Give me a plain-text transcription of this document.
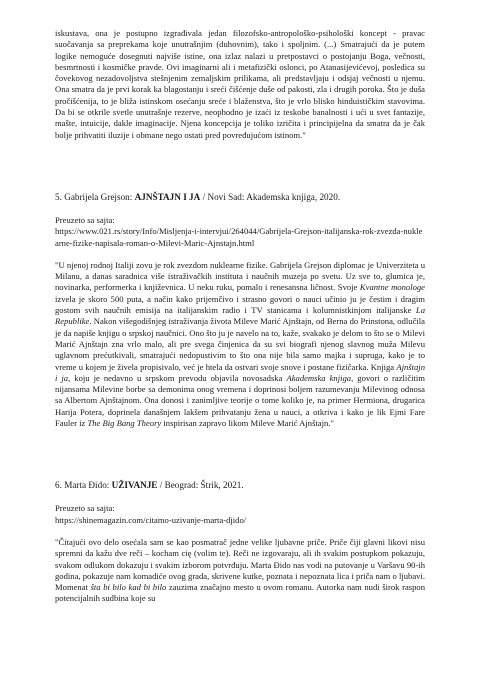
iskustava, ona je postupno izgrađivala jedan filozofsko-antropološko-psihološki koncept - pravac suočavanja sa preprekama koje unutrašnjim (duhovnim), tako i spoljnim. (...) Smatrajući da je putem logike nemoguće dosegnuti najviše istine, ona izlaz nalazi u pretpostavci o postojanju Boga, večnosti, besmrtnosti i kosmičke pravde. Ovi imaginarni ali i metafizički oslonci, po Atanasijevićevoj, posledica su čovekovog nezadovoljstva stešnjenim zemaljskim prilikama, ali predstavljaju i odsjaj večnosti u njemu. Ona smatra da je prvi korak ka blagostanju i sreći čišćenje duše od pakosti, zla i drugih poroka. Što je duša pročišćenija, to je bliža istinskom osećanju sreće i blaženstva, što je vrlo blisko hinduističkim stavovima. Da bi se otkrile svetle unutrašnje rezerve, neophodno je izaći iz teskobe banalnosti i ući u svet fantazije, mašte, intuicije, dakle imaginacije. Njena koncepcija je toliko izričita i principijelna da smatra da je čak bolje prihvatiti iluzije i obmane nego ostati pred povređujućom istinom."

5. Gabrijela Grejson: AJNŠTAJN I JA / Novi Sad: Akademska knjiga, 2020.

Preuzeto sa sajta:

https://www.021.rs/story/Info/Misljenja-i-intervjui/264044/Gabrijela-Grejson-italijanska-rok-zvezda-nuklearne-fizike-napisala-roman-o-Milevi-Maric-Ajnstajn.html

"U njenoj rodnoj Italiji zovu je rok zvezdom nuklearne fizike. Gabrijela Grejson diplomac je Univerziteta u Milanu, a danas saradnica više istraživačkih instituta i naučnih muzeja po svetu. Uz sve to, glumica je, novinarka, performerka i književnica. U neku ruku, pomalo i renesansna ličnost. Svoje Kvantne monologe izvela je skoro 500 puta, a način kako prijemčivo i strasno govori o nauci učinio ju je čestim i dragim gostom svih naučnih emisija na italijanskim radio i TV stanicama i kolumnistkinjom italijanske La Republike. Nakon višegodišnjeg istraživanja života Mileve Marić Ajnštajn, od Berna do Prinstona, odlučila je da napiše knjigu o srpskoj naučnici. Ono što ju je navelo na to, kaže, svakako je delom to što se o Milevi Marić Ajnštajn zna vrlo malo, ali pre svega činjenica da su svi biografi njenog slavnog muža Milevu uglavnom prećutkivali, smatrajući nedopustivim to što ona nije bila samo majka i supruga, kako je to vreme u kojem je živela propisivalo, već je htela da ostvari svoje snove i postane fizičarka. Knjiga Ajnštajn i ja, koju je nedavno u srpskom prevodu objavila novosadska Akademska knjiga, govori o različitim nijansama Milevine borbe sa demonima onog vremena i doprinosi boljem razumevanju Milevinog odnosa sa Albertom Ajnštajnom. Ona donosi i zanimljive teorije o tome koliko je, na primer Hermiona, drugarica Harija Potera, doprinela današnjem lakšem prihvatanju žena u nauci, a otkriva i kako je lik Ejmi Fare Fauler iz The Big Bang Theory inspirisan zapravo likom Mileve Marić Ajnštajn."

6. Marta Đido: UŽIVANJE / Beograd: Štrik, 2021.

Preuzeto sa sajta:

https://shinemagazin.com/citamo-uzivanje-marta-djido/

"Čitajući ovo delo osećala sam se kao posmatrač jedne velike ljubavne priče. Priče čiji glavni likovi nisu spremni da kažu dve reči – kocham cię (volim te). Reči ne izgovaraju, ali ih svakim postupkom pokazuju, svakom odlukom dokazuju i svakim izborom potvrđuju. Marta Đido nas vodi na putovanje u Varšavu 90-ih godina, pokazuje nam komadiće ovog grada, skrivene kutke, poznata i nepoznata lica i priča nam o ljubavi. Momenat šta bi bilo kad bi bilo zauzima značajno mesto u ovom romanu. Autorka nam nudi širok raspon potencijalnih sudbina koje su
